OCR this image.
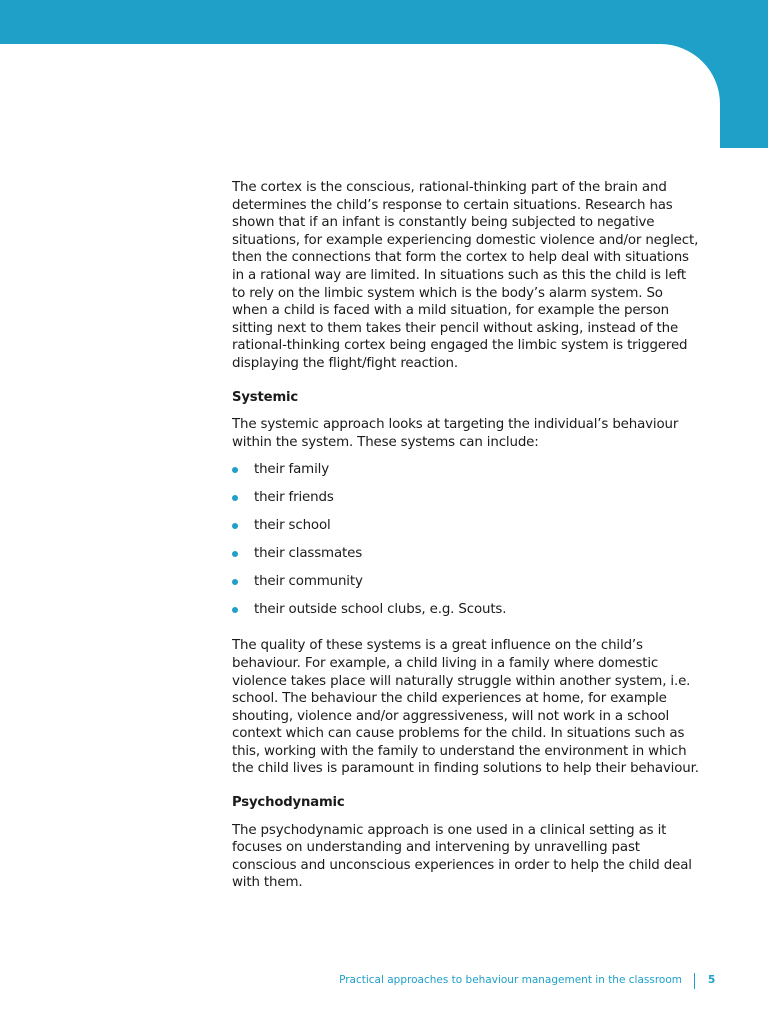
The cortex is the conscious, rational-thinking part of the brain and determines the child’s response to certain situations. Research has shown that if an infant is constantly being subjected to negative situations, for example experiencing domestic violence and/or neglect, then the connections that form the cortex to help deal with situations in a rational way are limited. In situations such as this the child is left to rely on the limbic system which is the body’s alarm system. So when a child is faced with a mild situation, for example the person sitting next to them takes their pencil without asking, instead of the rational-thinking cortex being engaged the limbic system is triggered displaying the flight/fight reaction.

Systemic

The systemic approach looks at targeting the individual’s behaviour within the system. These systems can include:

their family
their friends
their school
their classmates
their community
their outside school clubs, e.g. Scouts.

The quality of these systems is a great influence on the child’s behaviour. For example, a child living in a family where domestic violence takes place will naturally struggle within another system, i.e. school. The behaviour the child experiences at home, for example shouting, violence and/or aggressiveness, will not work in a school context which can cause problems for the child. In situations such as this, working with the family to understand the environment in which the child lives is paramount in finding solutions to help their behaviour.

Psychodynamic

The psychodynamic approach is one used in a clinical setting as it focuses on understanding and intervening by unravelling past conscious and unconscious experiences in order to help the child deal with them.

Practical approaches to behaviour management in the classroom 5
